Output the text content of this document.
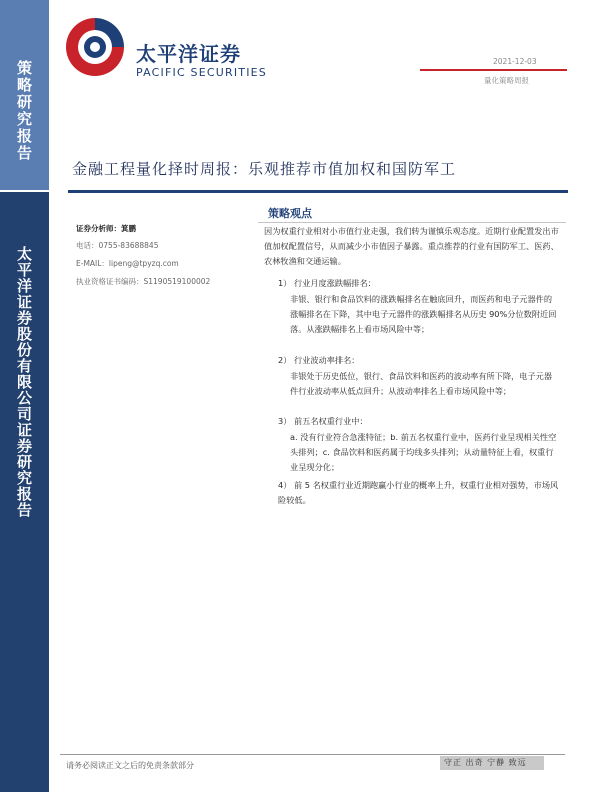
策略研究报告
太平洋证券股份有限公司证券研究报告
太平洋证券
PACIFIC SECURITIES
2021-12-03
量化策略周报
金融工程量化择时周报：乐观推荐市值加权和国防军工
证券分析师：箕鹏
电话：0755-83688845
E-MAIL：lipeng@tpyzq.com
执业资格证书编码：S1190519100002
策略观点
因为权重行业相对小市值行业走强，我们转为谨慎乐观态度。近期行业配置发出市值加权配置信号，从而减少小市值因子暴露。重点推荐的行业有国防军工、医药、农林牧渔和交通运输。
1） 行业月度涨跌幅排名：
非银、银行和食品饮料的涨跌幅排名在触底回升，而医药和电子元器件的涨幅排名在下降，其中电子元器件的涨跌幅排名从历史 90%分位数附近回落。从涨跌幅排名上看市场风险中等；
2） 行业波动率排名：
非银处于历史低位，银行、食品饮料和医药的波动率有所下降，电子元器件行业波动率从低点回升；从波动率排名上看市场风险中等；
3） 前五名权重行业中：
a. 没有行业符合急涨特征；b. 前五名权重行业中，医药行业呈现相关性空头排列；c. 食品饮料和医药属于均线多头排列；从动量特征上看，权重行业呈现分化；
4） 前 5 名权重行业近期跑赢小行业的概率上升，权重行业相对强势，市场风险较低。
请务必阅读正文之后的免责条款部分	守正 出奇 宁静 致远
